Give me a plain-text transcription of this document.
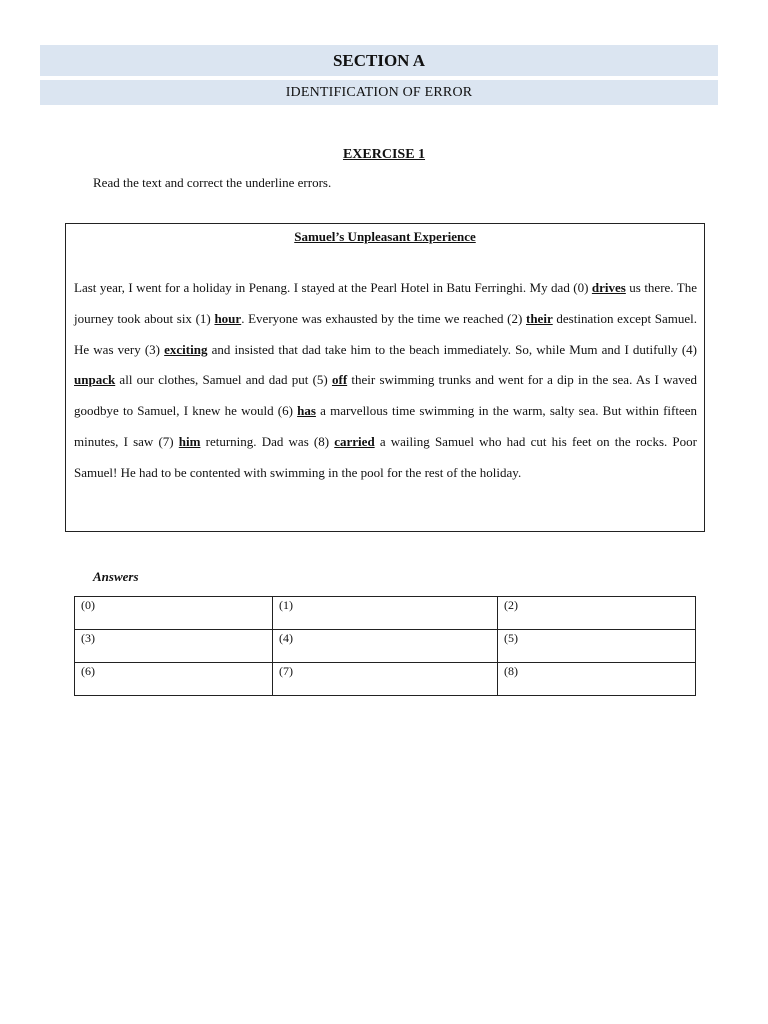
SECTION A
IDENTIFICATION OF ERROR
EXERCISE 1
Read the text and correct the underline errors.
Samuel’s Unpleasant Experience

Last year, I went for a holiday in Penang. I stayed at the Pearl Hotel in Batu Ferringhi. My dad (0) drives us there. The journey took about six (1) hour. Everyone was exhausted by the time we reached (2) their destination except Samuel. He was very (3) exciting and insisted that dad take him to the beach immediately. So, while Mum and I dutifully (4) unpack all our clothes, Samuel and dad put (5) off their swimming trunks and went for a dip in the sea. As I waved goodbye to Samuel, I knew he would (6) has a marvellous time swimming in the warm, salty sea. But within fifteen minutes, I saw (7) him returning. Dad was (8) carried a wailing Samuel who had cut his feet on the rocks. Poor Samuel! He had to be contented with swimming in the pool for the rest of the holiday.

Answers
(0)	(1)	(2)
(3)	(4)	(5)
(6)	(7)	(8)
